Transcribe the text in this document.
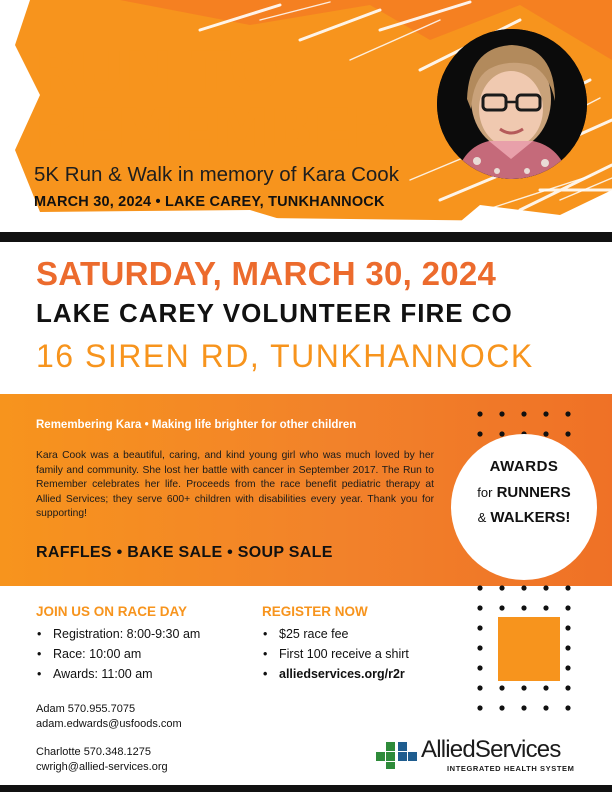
RUN TO
REMEMBER
5K Run & Walk in memory of Kara Cook
MARCH 30, 2024 • LAKE CAREY, TUNKHANNOCK
SATURDAY, MARCH 30, 2024
LAKE CAREY VOLUNTEER FIRE CO
16 SIREN RD, TUNKHANNOCK
Remembering Kara • Making life brighter for other children

Kara Cook was a beautiful, caring, and kind young girl who was much loved by her family and community. She lost her battle with cancer in September 2017. The Run to Remember celebrates her life. Proceeds from the race benefit pediatric therapy at Allied Services; they serve 600+ children with disabilities every year. Thank you for supporting!

RAFFLES • BAKE SALE • SOUP SALE
AWARDS
for RUNNERS
& WALKERS!
JOIN US ON RACE DAY
• Registration: 8:00-9:30 am
• Race: 10:00 am
• Awards: 11:00 am
REGISTER NOW
• $25 race fee
• First 100 receive a shirt
• alliedservices.org/r2r
Adam 570.955.7075
adam.edwards@usfoods.com
Charlotte 570.348.1275
cwrigh@allied-services.org
AlliedServices
INTEGRATED HEALTH SYSTEM
